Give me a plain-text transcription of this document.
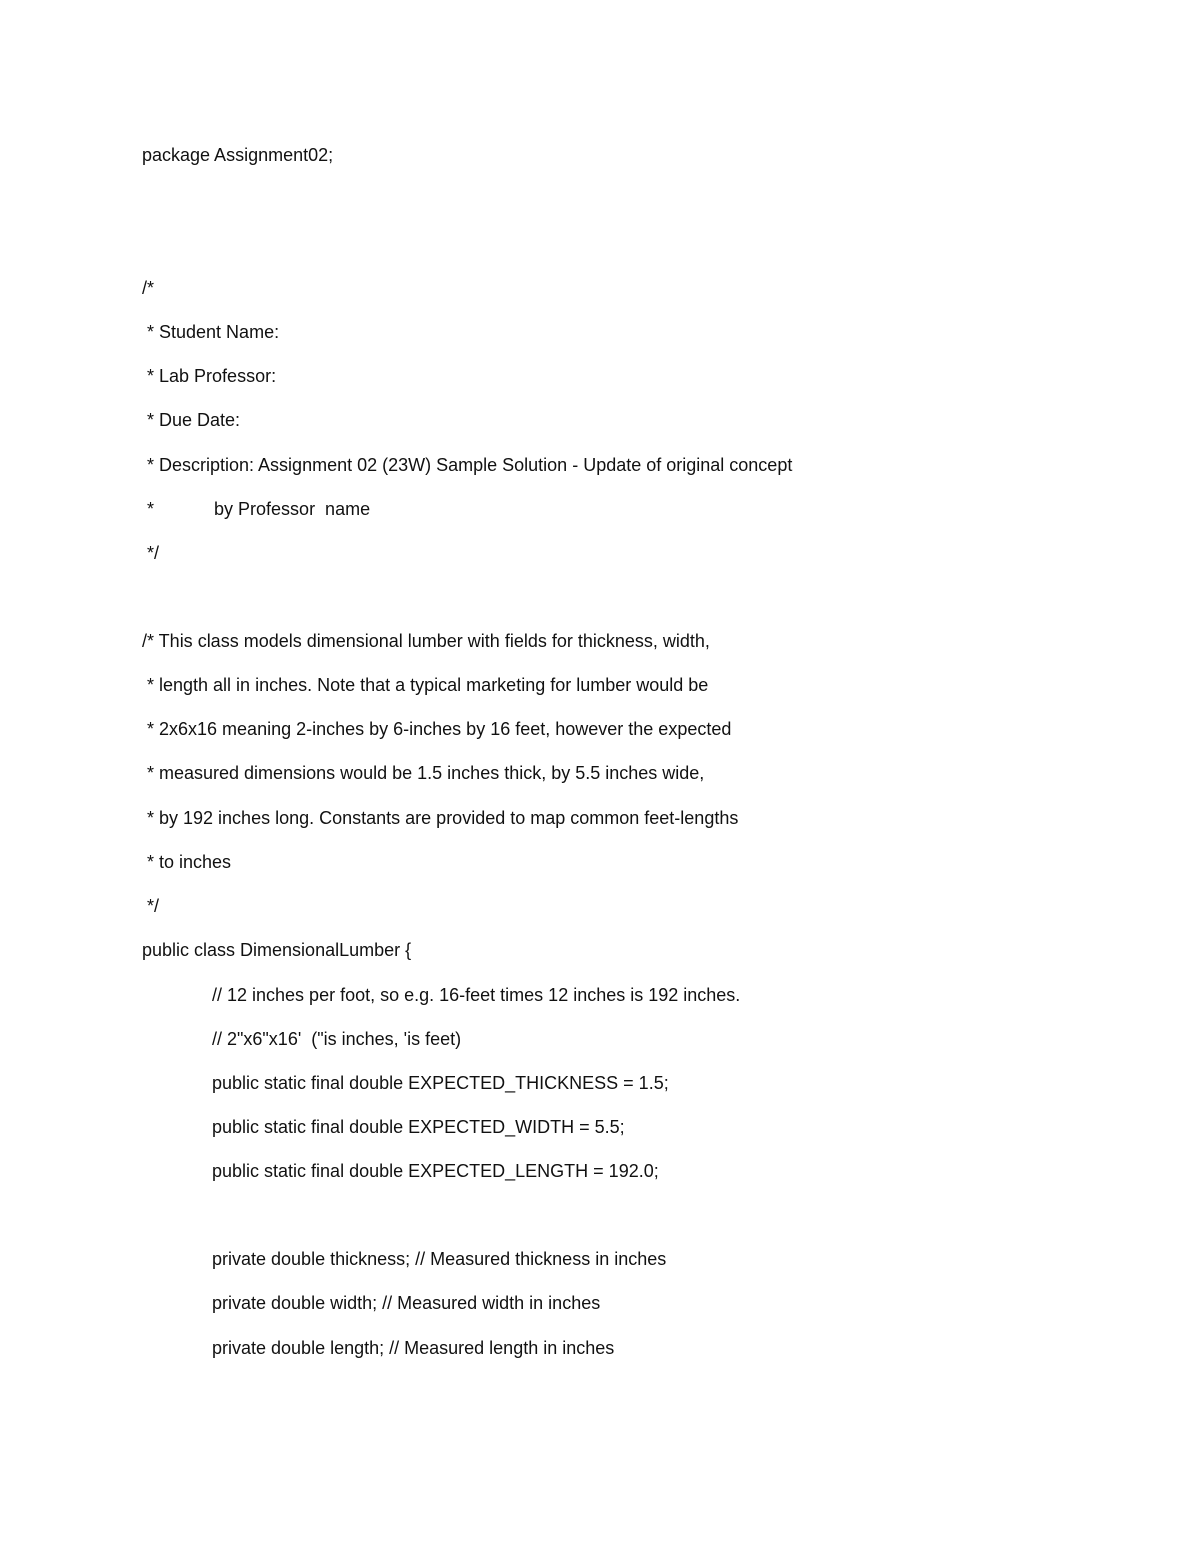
package Assignment02;
/*
* Student Name:
* Lab Professor:
* Due Date:
* Description: Assignment 02 (23W) Sample Solution - Update of original concept
*            by Professor  name
*/
/* This class models dimensional lumber with fields for thickness, width,
* length all in inches. Note that a typical marketing for lumber would be
* 2x6x16 meaning 2-inches by 6-inches by 16 feet, however the expected
* measured dimensions would be 1.5 inches thick, by 5.5 inches wide,
* by 192 inches long. Constants are provided to map common feet-lengths
* to inches
*/
public class DimensionalLumber {
// 12 inches per foot, so e.g. 16-feet times 12 inches is 192 inches.
// 2"x6"x16'  ("is inches, 'is feet)
public static final double EXPECTED_THICKNESS = 1.5;
public static final double EXPECTED_WIDTH = 5.5;
public static final double EXPECTED_LENGTH = 192.0;
private double thickness; // Measured thickness in inches
private double width; // Measured width in inches
private double length; // Measured length in inches
